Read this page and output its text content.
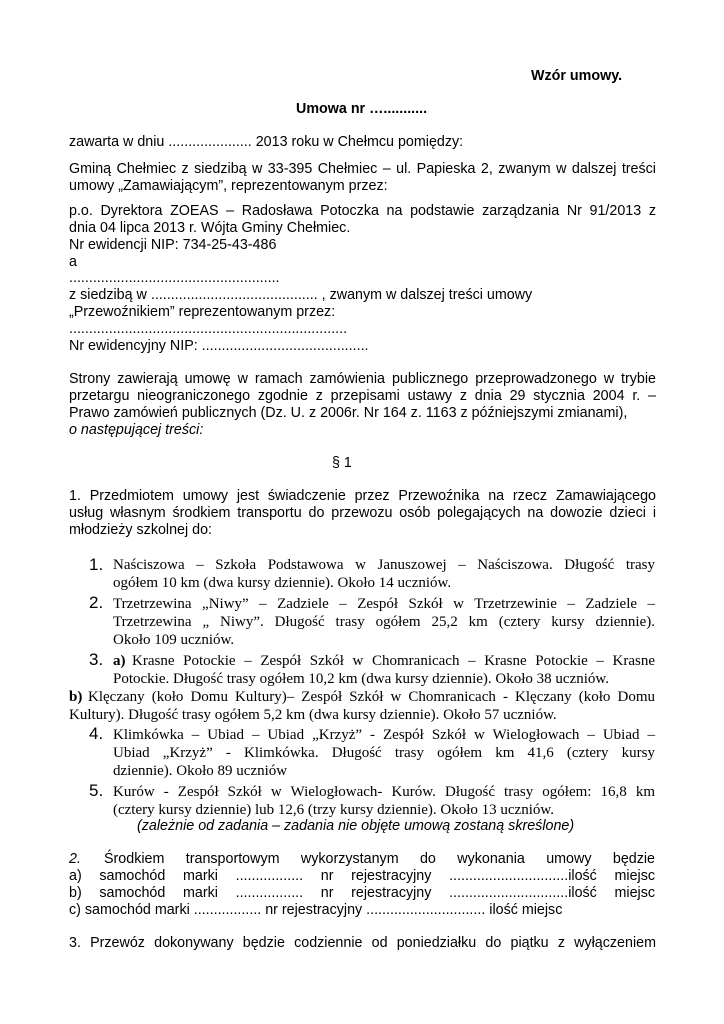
Wzór umowy.
Umowa nr …...........
zawarta w dniu ..................... 2013 roku w Chełmcu pomiędzy:
Gminą Chełmiec z siedzibą w 33-395 Chełmiec – ul. Papieska 2, zwanym w dalszej treści
umowy „Zamawiającym”, reprezentowanym przez:
p.o. Dyrektora ZOEAS – Radosława Potoczka na podstawie zarządzania Nr 91/2013 z
dnia 04 lipca 2013 r. Wójta Gminy Chełmiec.
Nr ewidencji NIP: 734-25-43-486
a
.....................................................
z siedzibą w .......................................... , zwanym w dalszej treści umowy
„Przewoźnikiem” reprezentowanym przez:
......................................................................
Nr ewidencyjny NIP: ..........................................
Strony zawierają umowę w ramach zamówienia publicznego przeprowadzonego w trybie
przetargu nieograniczonego zgodnie z przepisami ustawy z dnia 29 stycznia 2004 r. –
Prawo zamówień publicznych (Dz. U. z 2006r. Nr 164 z. 1163 z późniejszymi zmianami),
o następującej treści:
§ 1
1. Przedmiotem umowy jest świadczenie przez Przewoźnika na rzecz Zamawiającego
usług własnym środkiem transportu do przewozu osób polegających na dowozie dzieci i
młodzieży szkolnej do:
1. Naściszowa – Szkoła Podstawowa w Januszowej – Naściszowa. Długość trasy
ogółem 10 km (dwa kursy dziennie). Około 14 uczniów.
2. Trzetrzewina „Niwy” – Zadziele – Zespół Szkół w Trzetrzewinie – Zadziele –
Trzetrzewina „ Niwy”. Długość trasy ogółem 25,2 km (cztery kursy dziennie).
Około 109 uczniów.
3. a) Krasne Potockie – Zespół Szkół w Chomranicach – Krasne Potockie – Krasne
Potockie. Długość trasy ogółem 10,2 km (dwa kursy dziennie). Około 38 uczniów.
b) Klęczany (koło Domu Kultury)– Zespół Szkół w Chomranicach - Klęczany (koło Domu
Kultury). Długość trasy ogółem 5,2 km (dwa kursy dziennie). Około 57 uczniów.
4. Klimkówka – Ubiad – Ubiad „Krzyż” - Zespół Szkół w Wielogłowach – Ubiad –
Ubiad „Krzyż” - Klimkówka. Długość trasy ogółem km 41,6 (cztery kursy
dziennie). Około 89 uczniów
5. Kurów - Zespół Szkół w Wielogłowach- Kurów. Długość trasy ogółem: 16,8 km
(cztery kursy dziennie) lub 12,6 (trzy kursy dziennie). Około 13 uczniów.
(zależnie od zadania – zadania nie objęte umową zostaną skreślone)
2.	Środkiem transportowym wykorzystanym do wykonania umowy będzie
a) samochód marki ................. nr rejestracyjny ..............................ilość miejsc
b) samochód marki ................. nr rejestracyjny ..............................ilość miejsc
c) samochód marki ................. nr rejestracyjny .............................. ilość miejsc
3. Przewóz dokonywany będzie codziennie od poniedziałku do piątku z wyłączeniem
